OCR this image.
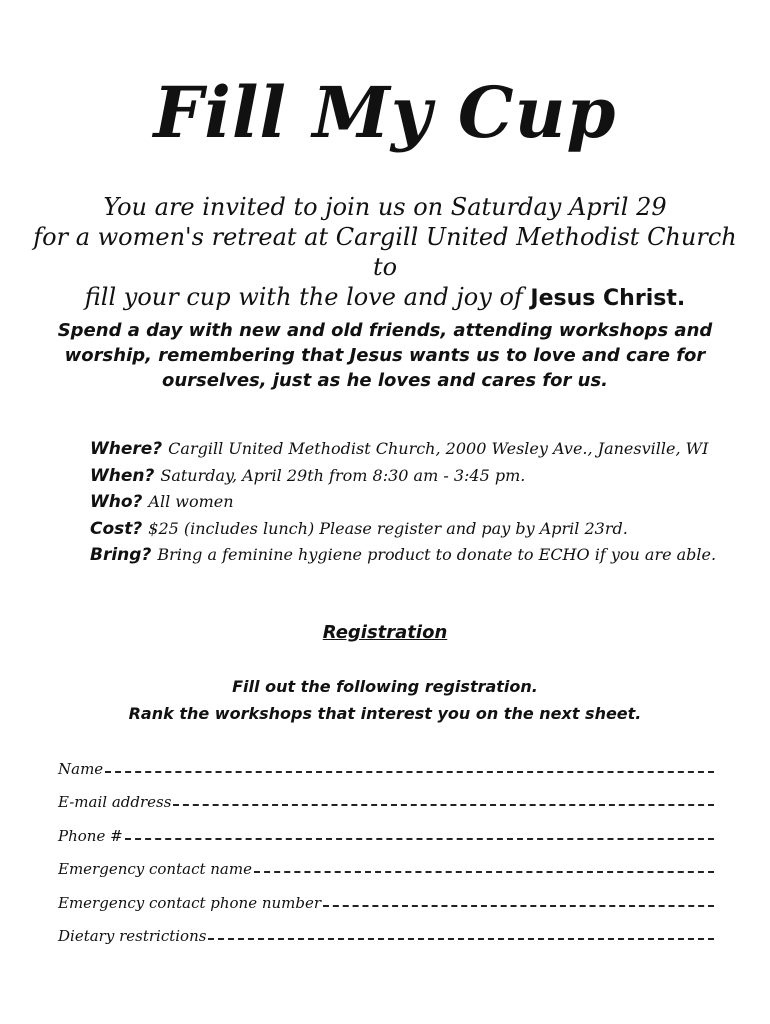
Fill My Cup
You are invited to join us on Saturday April 29
for a women's retreat at Cargill United Methodist Church to
fill your cup with the love and joy of Jesus Christ.
Spend a day with new and old friends, attending workshops and worship, remembering that Jesus wants us to love and care for ourselves, just as he loves and cares for us.
Where? Cargill United Methodist Church, 2000 Wesley Ave., Janesville, WI
When? Saturday, April 29th from 8:30 am - 3:45 pm.
Who? All women
Cost? $25 (includes lunch) Please register and pay by April 23rd.
Bring? Bring a feminine hygiene product to donate to ECHO if you are able.
Registration
Fill out the following registration.
Rank the workshops that interest you on the next sheet.
Name
E-mail address
Phone #
Emergency contact name
Emergency contact phone number
Dietary restrictions
